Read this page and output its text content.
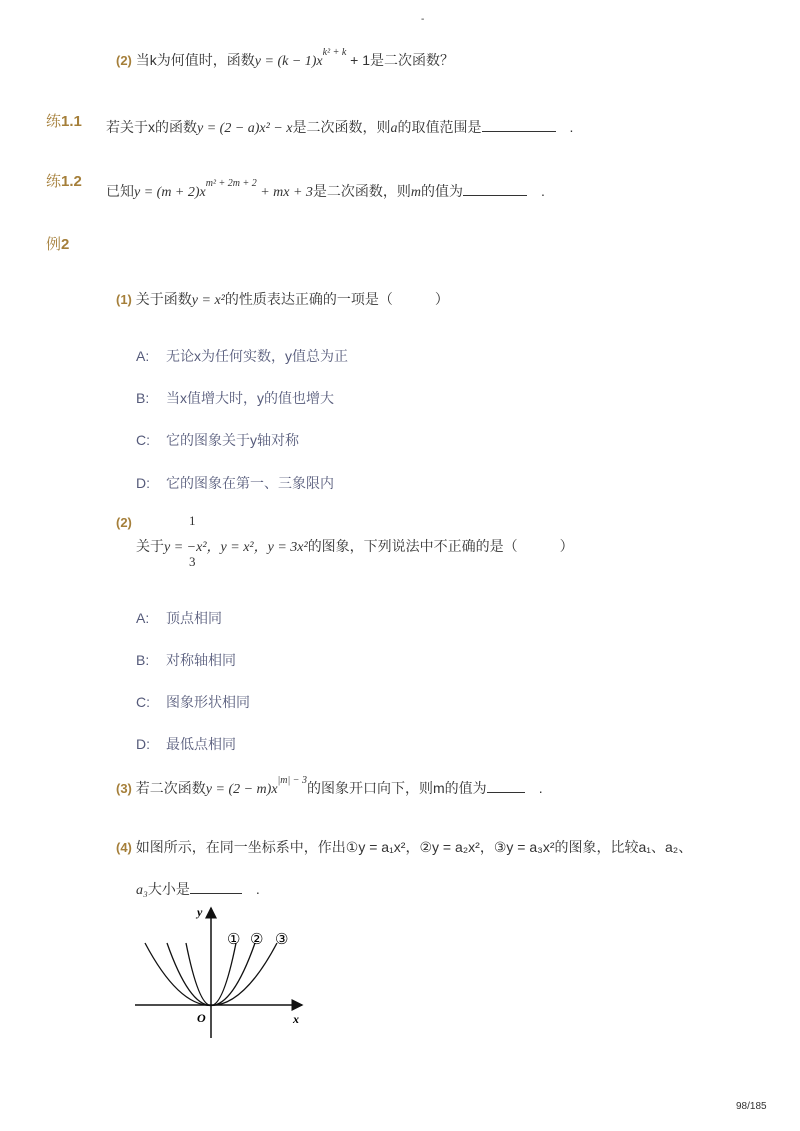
-
(2) 当k为何值时，函数$y = (k - 1)x^{k^2 + k} + 1$是二次函数？
练1.1 若关于x的函数y = (2 − a)x² − x是二次函数，则a的取值范围是　	.
练1.2
已知$y = (m + 2)x^{m^2 + 2m + 2}$ + mx + 3是二次函数，则m的值为　	.
例2
(1) 关于函数y = x²的性质表达正确的一项是（　　　）
A: 无论x为任何实数，y值总为正
B: 当x值增大时，y的值也增大
C: 它的图象关于y轴对称
D: 它的图象在第一、三象限内
(2)
关于y = −x²，y = x²，y = 3x²的图象，下列说法中不正确的是（　　　）
1
3
A: 顶点相同
B: 对称轴相同
C: 图象形状相同
D: 最低点相同
(3) 若二次函数$y = (2 - m)x^{|m| - 3}$的图象开口向下，则m的值为　	.
(4) 如图所示，在同一坐标系中，作出①y = a₁x²，②y = a₂x²，③y = a₃x²的图象，比较a₁、a₂、
a₃大小是　	.
y
x
O
① ② ③
98/185
